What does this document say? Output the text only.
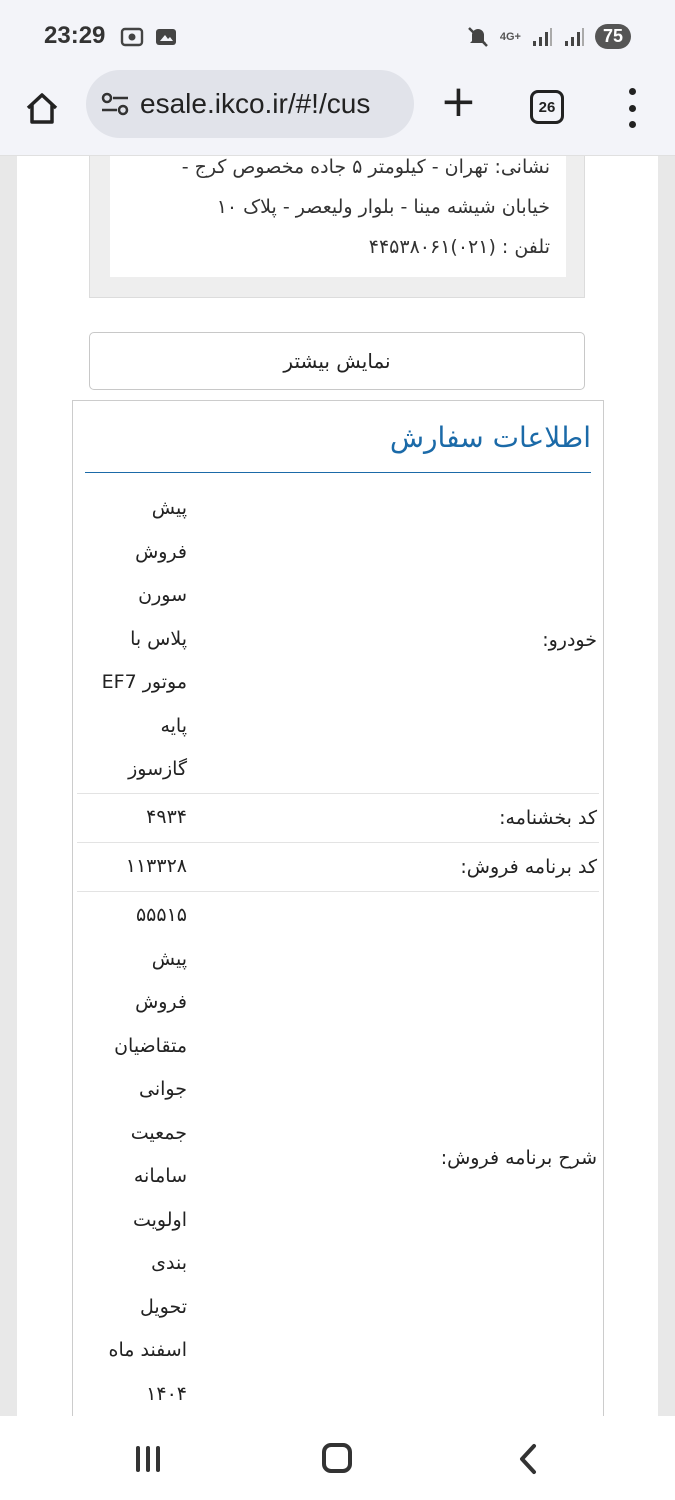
23:29	4G+	75
esale.ikco.ir/#!/cus +	26
نشانی: تهران - کیلومتر ۵ جاده مخصوص کرج -
خیابان شیشه مینا - بلوار ولیعصر - پلاک ۱۰
تلفن : (۰۲۱)۴۴۵۳۸۰۶۱
نمایش بیشتر
اطلاعات سفارش
خودرو:
پیش
فروش
سورن
پلاس با
موتور EF7
پایه
گازسوز
کد بخشنامه:
۴۹۳۴
کد برنامه فروش:
۱۱۳۳۲۸
شرح برنامه فروش:
۵۵۵۱۵
پیش
فروش
متقاضیان
جوانی
جمعیت
سامانه
اولویت
بندی
تحویل
اسفند ماه
۱۴۰۴
